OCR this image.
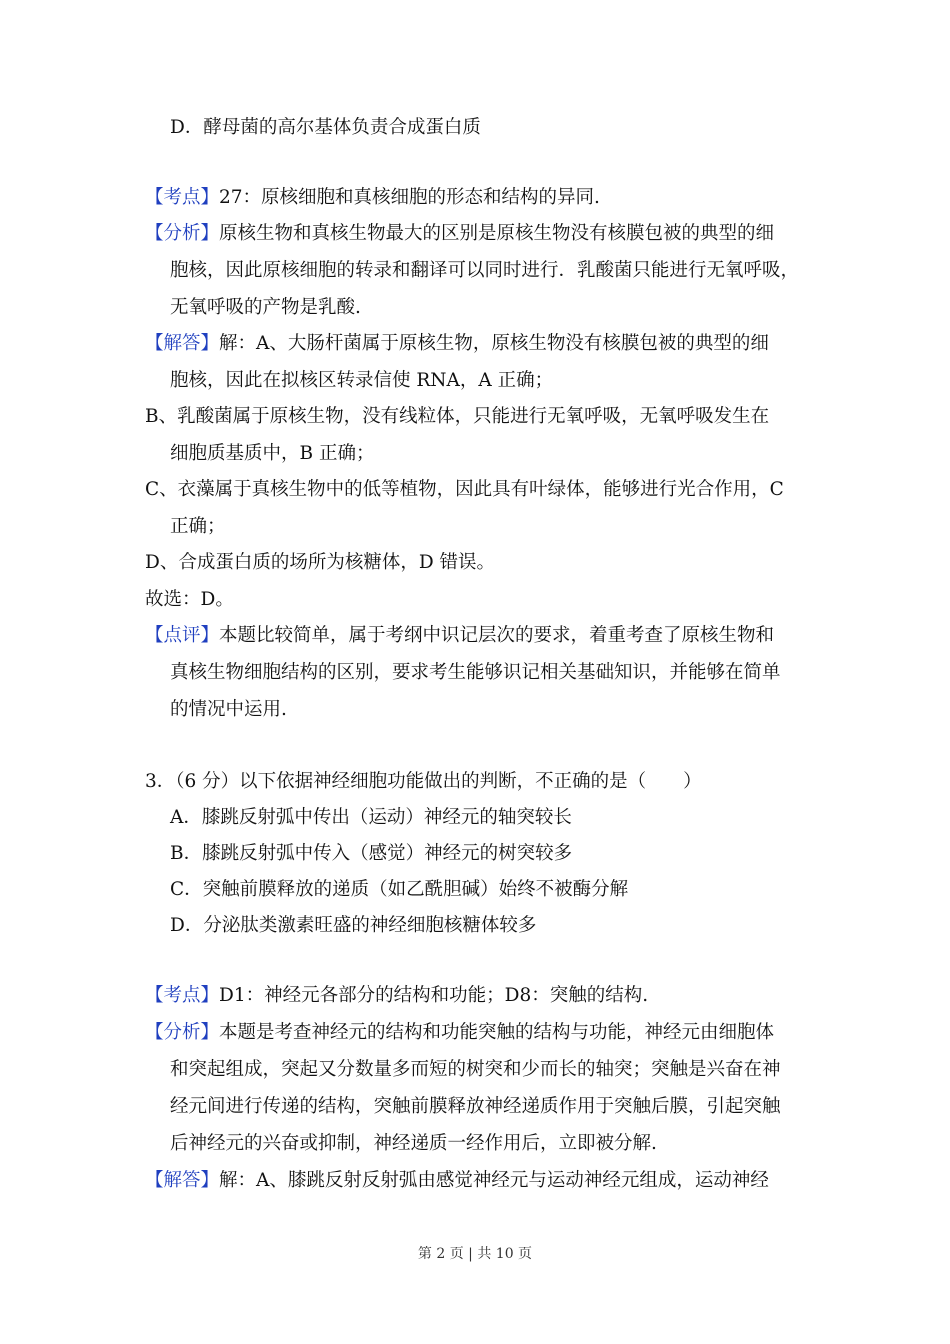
D．酵母菌的高尔基体负责合成蛋白质
【考点】27：原核细胞和真核细胞的形态和结构的异同.
【分析】原核生物和真核生物最大的区别是原核生物没有核膜包被的典型的细
胞核，因此原核细胞的转录和翻译可以同时进行．乳酸菌只能进行无氧呼吸，
无氧呼吸的产物是乳酸.
【解答】解：A、大肠杆菌属于原核生物，原核生物没有核膜包被的典型的细
胞核，因此在拟核区转录信使 RNA，A 正确；
B、乳酸菌属于原核生物，没有线粒体，只能进行无氧呼吸，无氧呼吸发生在
细胞质基质中，B 正确；
C、衣藻属于真核生物中的低等植物，因此具有叶绿体，能够进行光合作用，C
正确；
D、合成蛋白质的场所为核糖体，D 错误。
故选：D。
【点评】本题比较简单，属于考纲中识记层次的要求，着重考查了原核生物和
真核生物细胞结构的区别，要求考生能够识记相关基础知识，并能够在简单
的情况中运用.
3．（6 分）以下依据神经细胞功能做出的判断，不正确的是（　　）
A．膝跳反射弧中传出（运动）神经元的轴突较长
B．膝跳反射弧中传入（感觉）神经元的树突较多
C．突触前膜释放的递质（如乙酰胆碱）始终不被酶分解
D．分泌肽类激素旺盛的神经细胞核糖体较多
【考点】D1：神经元各部分的结构和功能；D8：突触的结构.
【分析】本题是考查神经元的结构和功能突触的结构与功能，神经元由细胞体
和突起组成，突起又分数量多而短的树突和少而长的轴突；突触是兴奋在神
经元间进行传递的结构，突触前膜释放神经递质作用于突触后膜，引起突触
后神经元的兴奋或抑制，神经递质一经作用后，立即被分解.
【解答】解：A、膝跳反射反射弧由感觉神经元与运动神经元组成，运动神经
第 2 页 | 共 10 页
